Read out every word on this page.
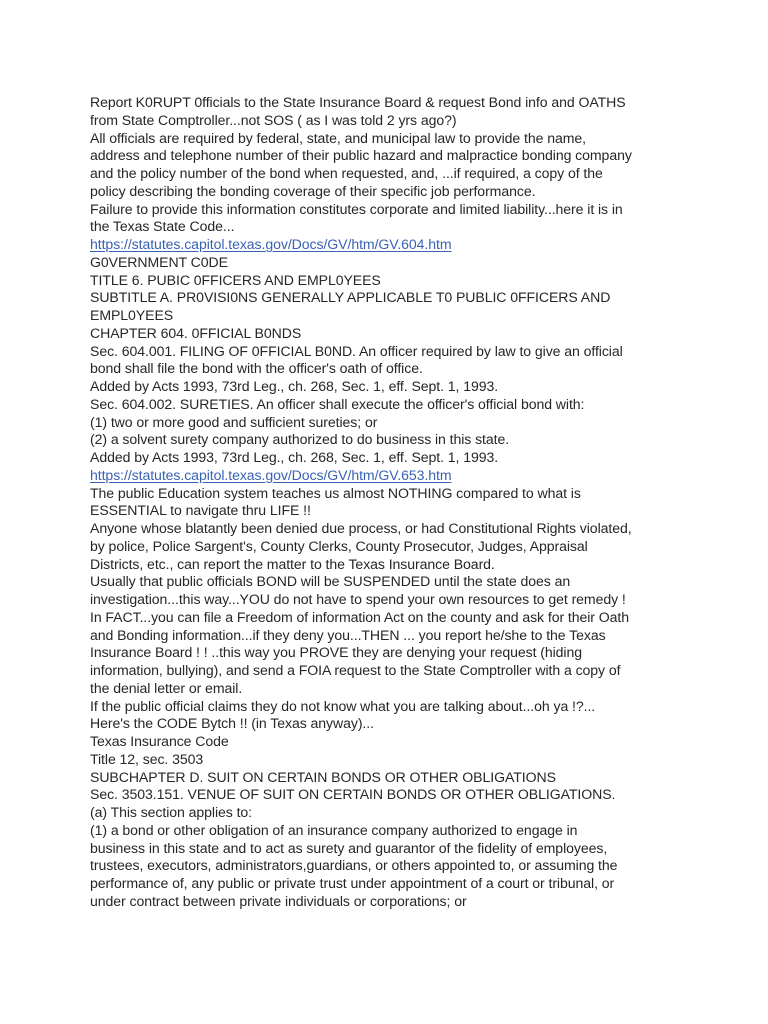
Report K0RUPT 0fficials to the State Insurance Board & request Bond info and OATHS
from State Comptroller...not SOS ( as I was told 2 yrs ago?)
All officials are required by federal, state, and municipal law to provide the name,
address and telephone number of their public hazard and malpractice bonding company
and the policy number of the bond when requested, and, ...if required, a copy of the
policy describing the bonding coverage of their specific job performance.
Failure to provide this information constitutes corporate and limited liability...here it is in
the Texas State Code...
https://statutes.capitol.texas.gov/Docs/GV/htm/GV.604.htm
G0VERNMENT C0DE
TITLE 6. PUBIC 0FFICERS AND EMPL0YEES
SUBTITLE A. PR0VISI0NS GENERALLY APPLICABLE T0 PUBLIC 0FFICERS AND
EMPL0YEES
CHAPTER 604. 0FFICIAL B0NDS
Sec. 604.001. FILING OF 0FFICIAL B0ND. An officer required by law to give an official
bond shall file the bond with the officer's oath of office.
Added by Acts 1993, 73rd Leg., ch. 268, Sec. 1, eff. Sept. 1, 1993.
Sec. 604.002. SURETIES. An officer shall execute the officer's official bond with:
(1) two or more good and sufficient sureties; or
(2) a solvent surety company authorized to do business in this state.
Added by Acts 1993, 73rd Leg., ch. 268, Sec. 1, eff. Sept. 1, 1993.
https://statutes.capitol.texas.gov/Docs/GV/htm/GV.653.htm
The public Education system teaches us almost NOTHING compared to what is
ESSENTIAL to navigate thru LIFE !!
Anyone whose blatantly been denied due process, or had Constitutional Rights violated,
by police, Police Sargent's, County Clerks, County Prosecutor, Judges, Appraisal
Districts, etc., can report the matter to the Texas Insurance Board.
Usually that public officials BOND will be SUSPENDED until the state does an
investigation...this way...YOU do not have to spend your own resources to get remedy !
In FACT...you can file a Freedom of information Act on the county and ask for their Oath
and Bonding information...if they deny you...THEN ... you report he/she to the Texas
Insurance Board ! ! ..this way you PROVE they are denying your request (hiding
information, bullying), and send a FOIA request to the State Comptroller with a copy of
the denial letter or email.
If the public official claims they do not know what you are talking about...oh ya !?...
Here's the CODE Bytch !! (in Texas anyway)...
Texas Insurance Code
Title 12, sec. 3503
SUBCHAPTER D. SUIT ON CERTAIN BONDS OR OTHER OBLIGATIONS
Sec. 3503.151. VENUE OF SUIT ON CERTAIN BONDS OR OTHER OBLIGATIONS.
(a) This section applies to:
(1) a bond or other obligation of an insurance company authorized to engage in
business in this state and to act as surety and guarantor of the fidelity of employees,
trustees, executors, administrators,guardians, or others appointed to, or assuming the
performance of, any public or private trust under appointment of a court or tribunal, or
under contract between private individuals or corporations; or
